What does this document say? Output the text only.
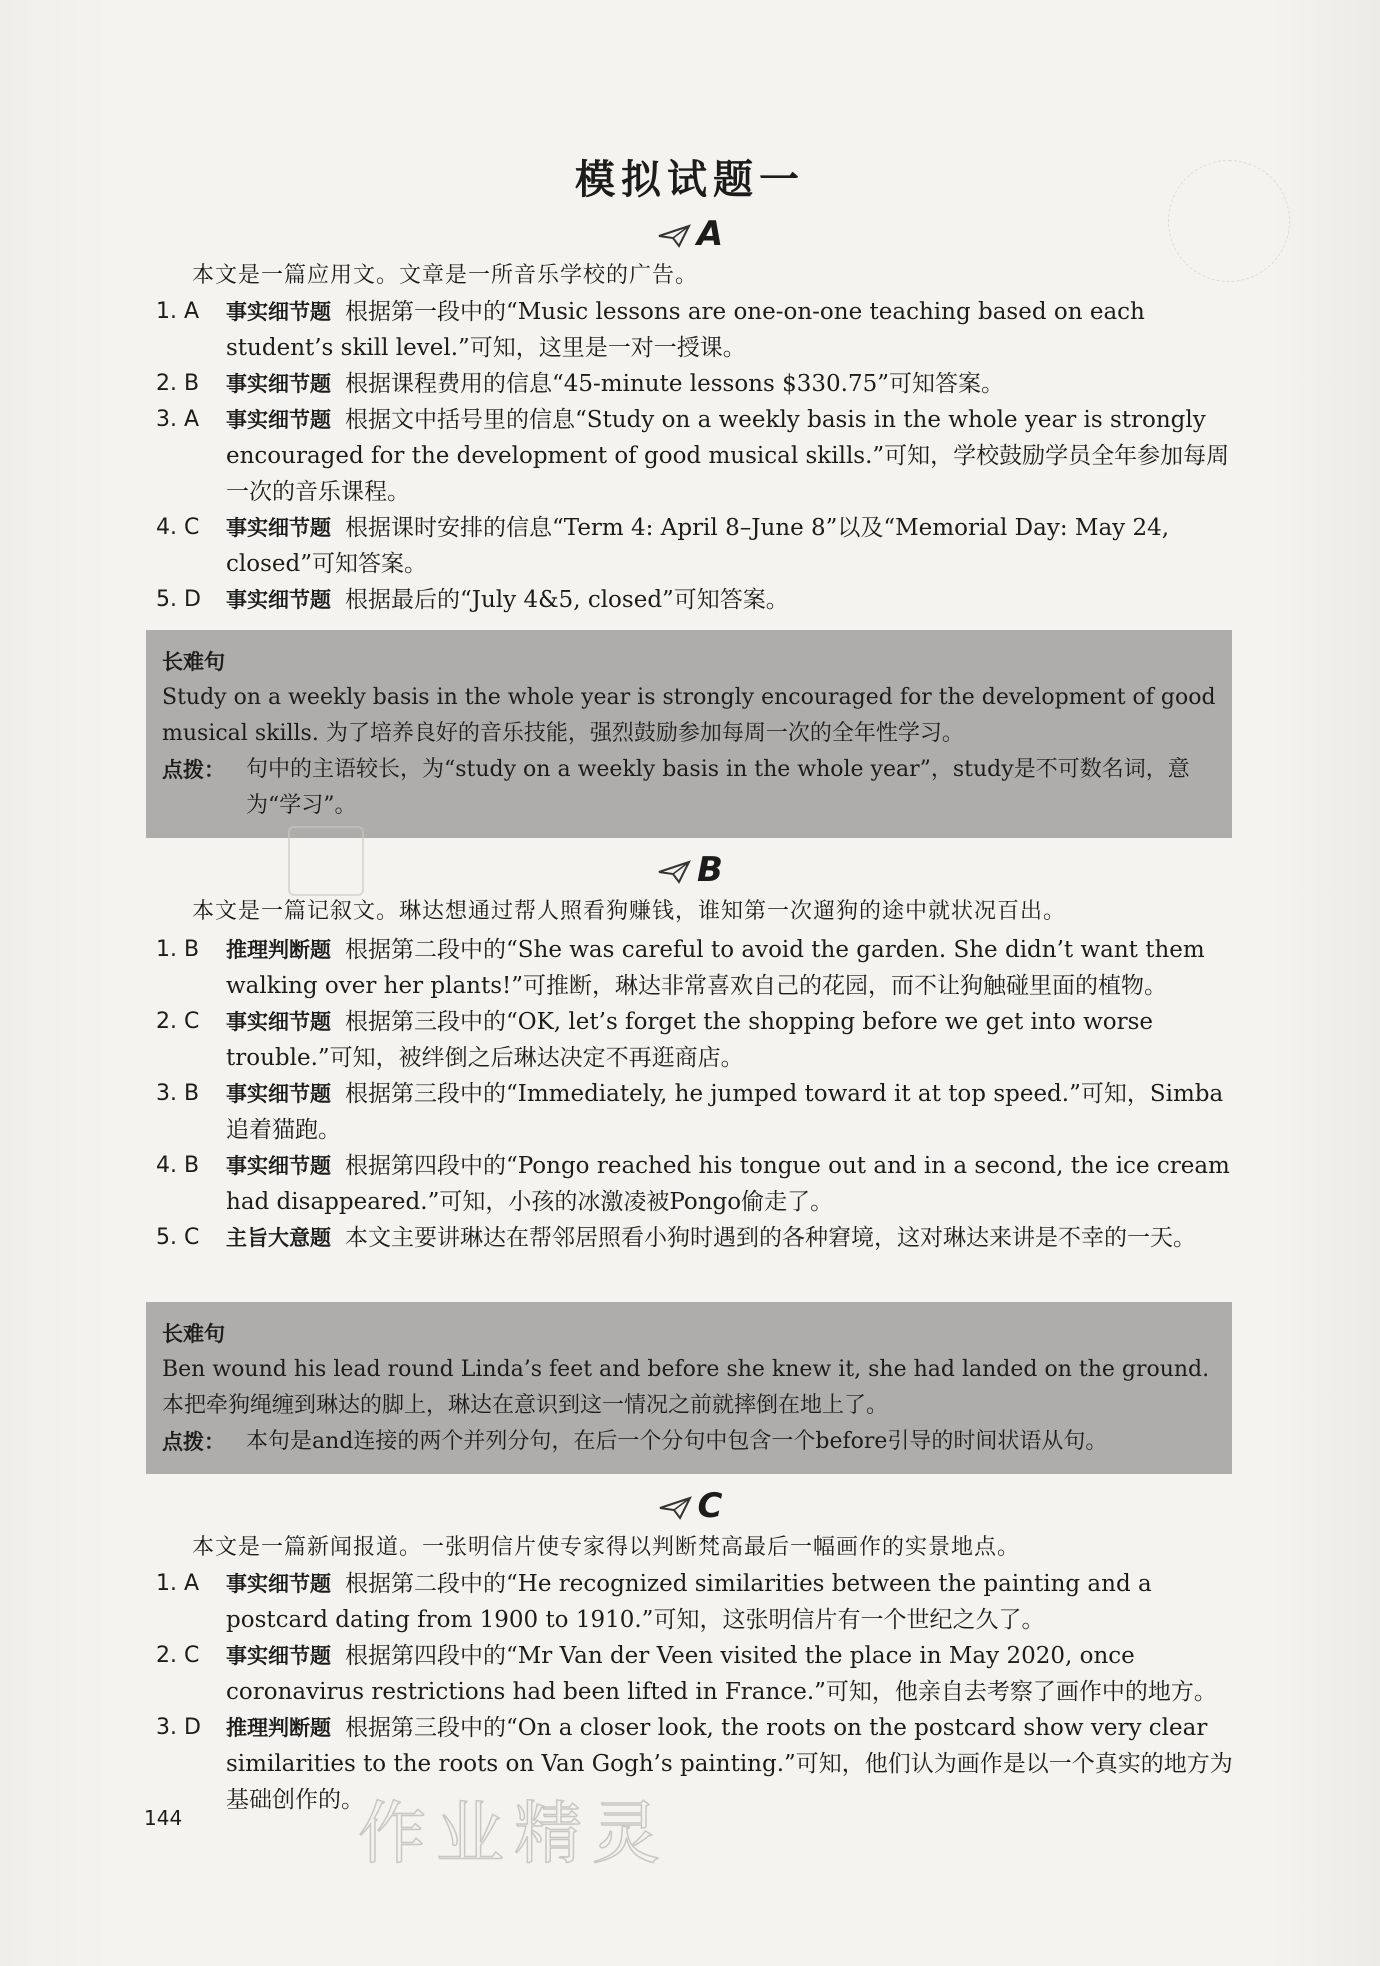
模拟试题一
A
本文是一篇应用文。文章是一所音乐学校的广告。
1. A 事实细节题 根据第一段中的“Music lessons are one-on-one teaching based on each student’s skill level.”可知，这里是一对一授课。
2. B 事实细节题 根据课程费用的信息“45-minute lessons $330.75”可知答案。
3. A 事实细节题 根据文中括号里的信息“Study on a weekly basis in the whole year is strongly encouraged for the development of good musical skills.”可知，学校鼓励学员全年参加每周一次的音乐课程。
4. C 事实细节题 根据课时安排的信息“Term 4: April 8–June 8”以及“Memorial Day: May 24, closed”可知答案。
5. D 事实细节题 根据最后的“July 4&5, closed”可知答案。
长难句
Study on a weekly basis in the whole year is strongly encouraged for the development of good musical skills. 为了培养良好的音乐技能，强烈鼓励参加每周一次的全年性学习。
点拨： 句中的主语较长，为“study on a weekly basis in the whole year”，study是不可数名词，意为“学习”。
B
本文是一篇记叙文。琳达想通过帮人照看狗赚钱，谁知第一次遛狗的途中就状况百出。
1. B 推理判断题 根据第二段中的“She was careful to avoid the garden. She didn’t want them walking over her plants!”可推断，琳达非常喜欢自己的花园，而不让狗触碰里面的植物。
2. C 事实细节题 根据第三段中的“OK, let’s forget the shopping before we get into worse trouble.”可知，被绊倒之后琳达决定不再逛商店。
3. B 事实细节题 根据第三段中的“Immediately, he jumped toward it at top speed.”可知，Simba追着猫跑。
4. B 事实细节题 根据第四段中的“Pongo reached his tongue out and in a second, the ice cream had disappeared.”可知，小孩的冰激凌被Pongo偷走了。
5. C 主旨大意题 本文主要讲琳达在帮邻居照看小狗时遇到的各种窘境，这对琳达来讲是不幸的一天。
长难句
Ben wound his lead round Linda’s feet and before she knew it, she had landed on the ground. 本把牵狗绳缠到琳达的脚上，琳达在意识到这一情况之前就摔倒在地上了。
点拨： 本句是and连接的两个并列分句，在后一个分句中包含一个before引导的时间状语从句。
C
本文是一篇新闻报道。一张明信片使专家得以判断梵高最后一幅画作的实景地点。
1. A 事实细节题 根据第二段中的“He recognized similarities between the painting and a postcard dating from 1900 to 1910.”可知，这张明信片有一个世纪之久了。
2. C 事实细节题 根据第四段中的“Mr Van der Veen visited the place in May 2020, once coronavirus restrictions had been lifted in France.”可知，他亲自去考察了画作中的地方。
3. D 推理判断题 根据第三段中的“On a closer look, the roots on the postcard show very clear similarities to the roots on Van Gogh’s painting.”可知，他们认为画作是以一个真实的地方为基础创作的。
作业精灵
144
